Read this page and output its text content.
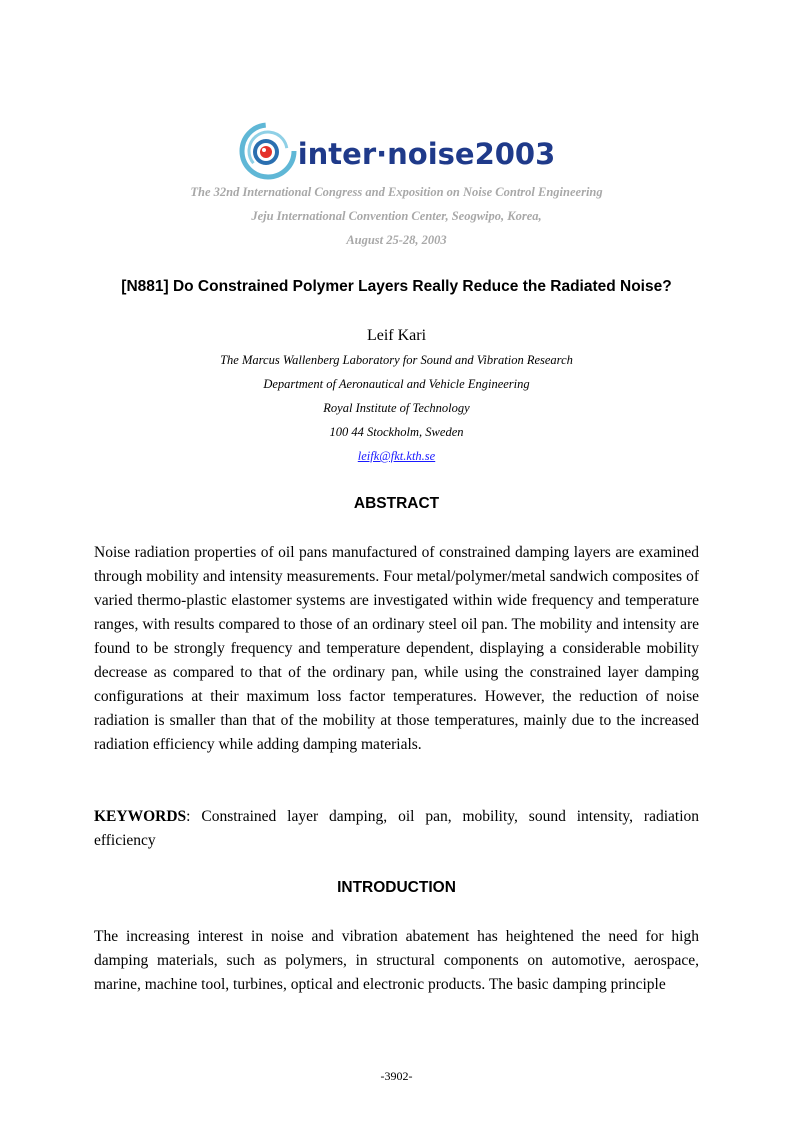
inter·noise2003
The 32nd International Congress and Exposition on Noise Control Engineering
Jeju International Convention Center, Seogwipo, Korea,
August 25-28, 2003
[N881] Do Constrained Polymer Layers Really Reduce the Radiated Noise?
Leif Kari
The Marcus Wallenberg Laboratory for Sound and Vibration Research
Department of Aeronautical and Vehicle Engineering
Royal Institute of Technology
100 44 Stockholm, Sweden
leifk@fkt.kth.se
ABSTRACT

Noise radiation properties of oil pans manufactured of constrained damping layers are examined through mobility and intensity measurements. Four metal/polymer/metal sandwich composites of varied thermo-plastic elastomer systems are investigated within wide frequency and temperature ranges, with results compared to those of an ordinary steel oil pan. The mobility and intensity are found to be strongly frequency and temperature dependent, displaying a considerable mobility decrease as compared to that of the ordinary pan, while using the constrained layer damping configurations at their maximum loss factor temperatures. However, the reduction of noise radiation is smaller than that of the mobility at those temperatures, mainly due to the increased radiation efficiency while adding damping materials.

KEYWORDS: Constrained layer damping, oil pan, mobility, sound intensity, radiation efficiency

INTRODUCTION

The increasing interest in noise and vibration abatement has heightened the need for high damping materials, such as polymers, in structural components on automotive, aerospace, marine, machine tool, turbines, optical and electronic products. The basic damping principle

-3902-
